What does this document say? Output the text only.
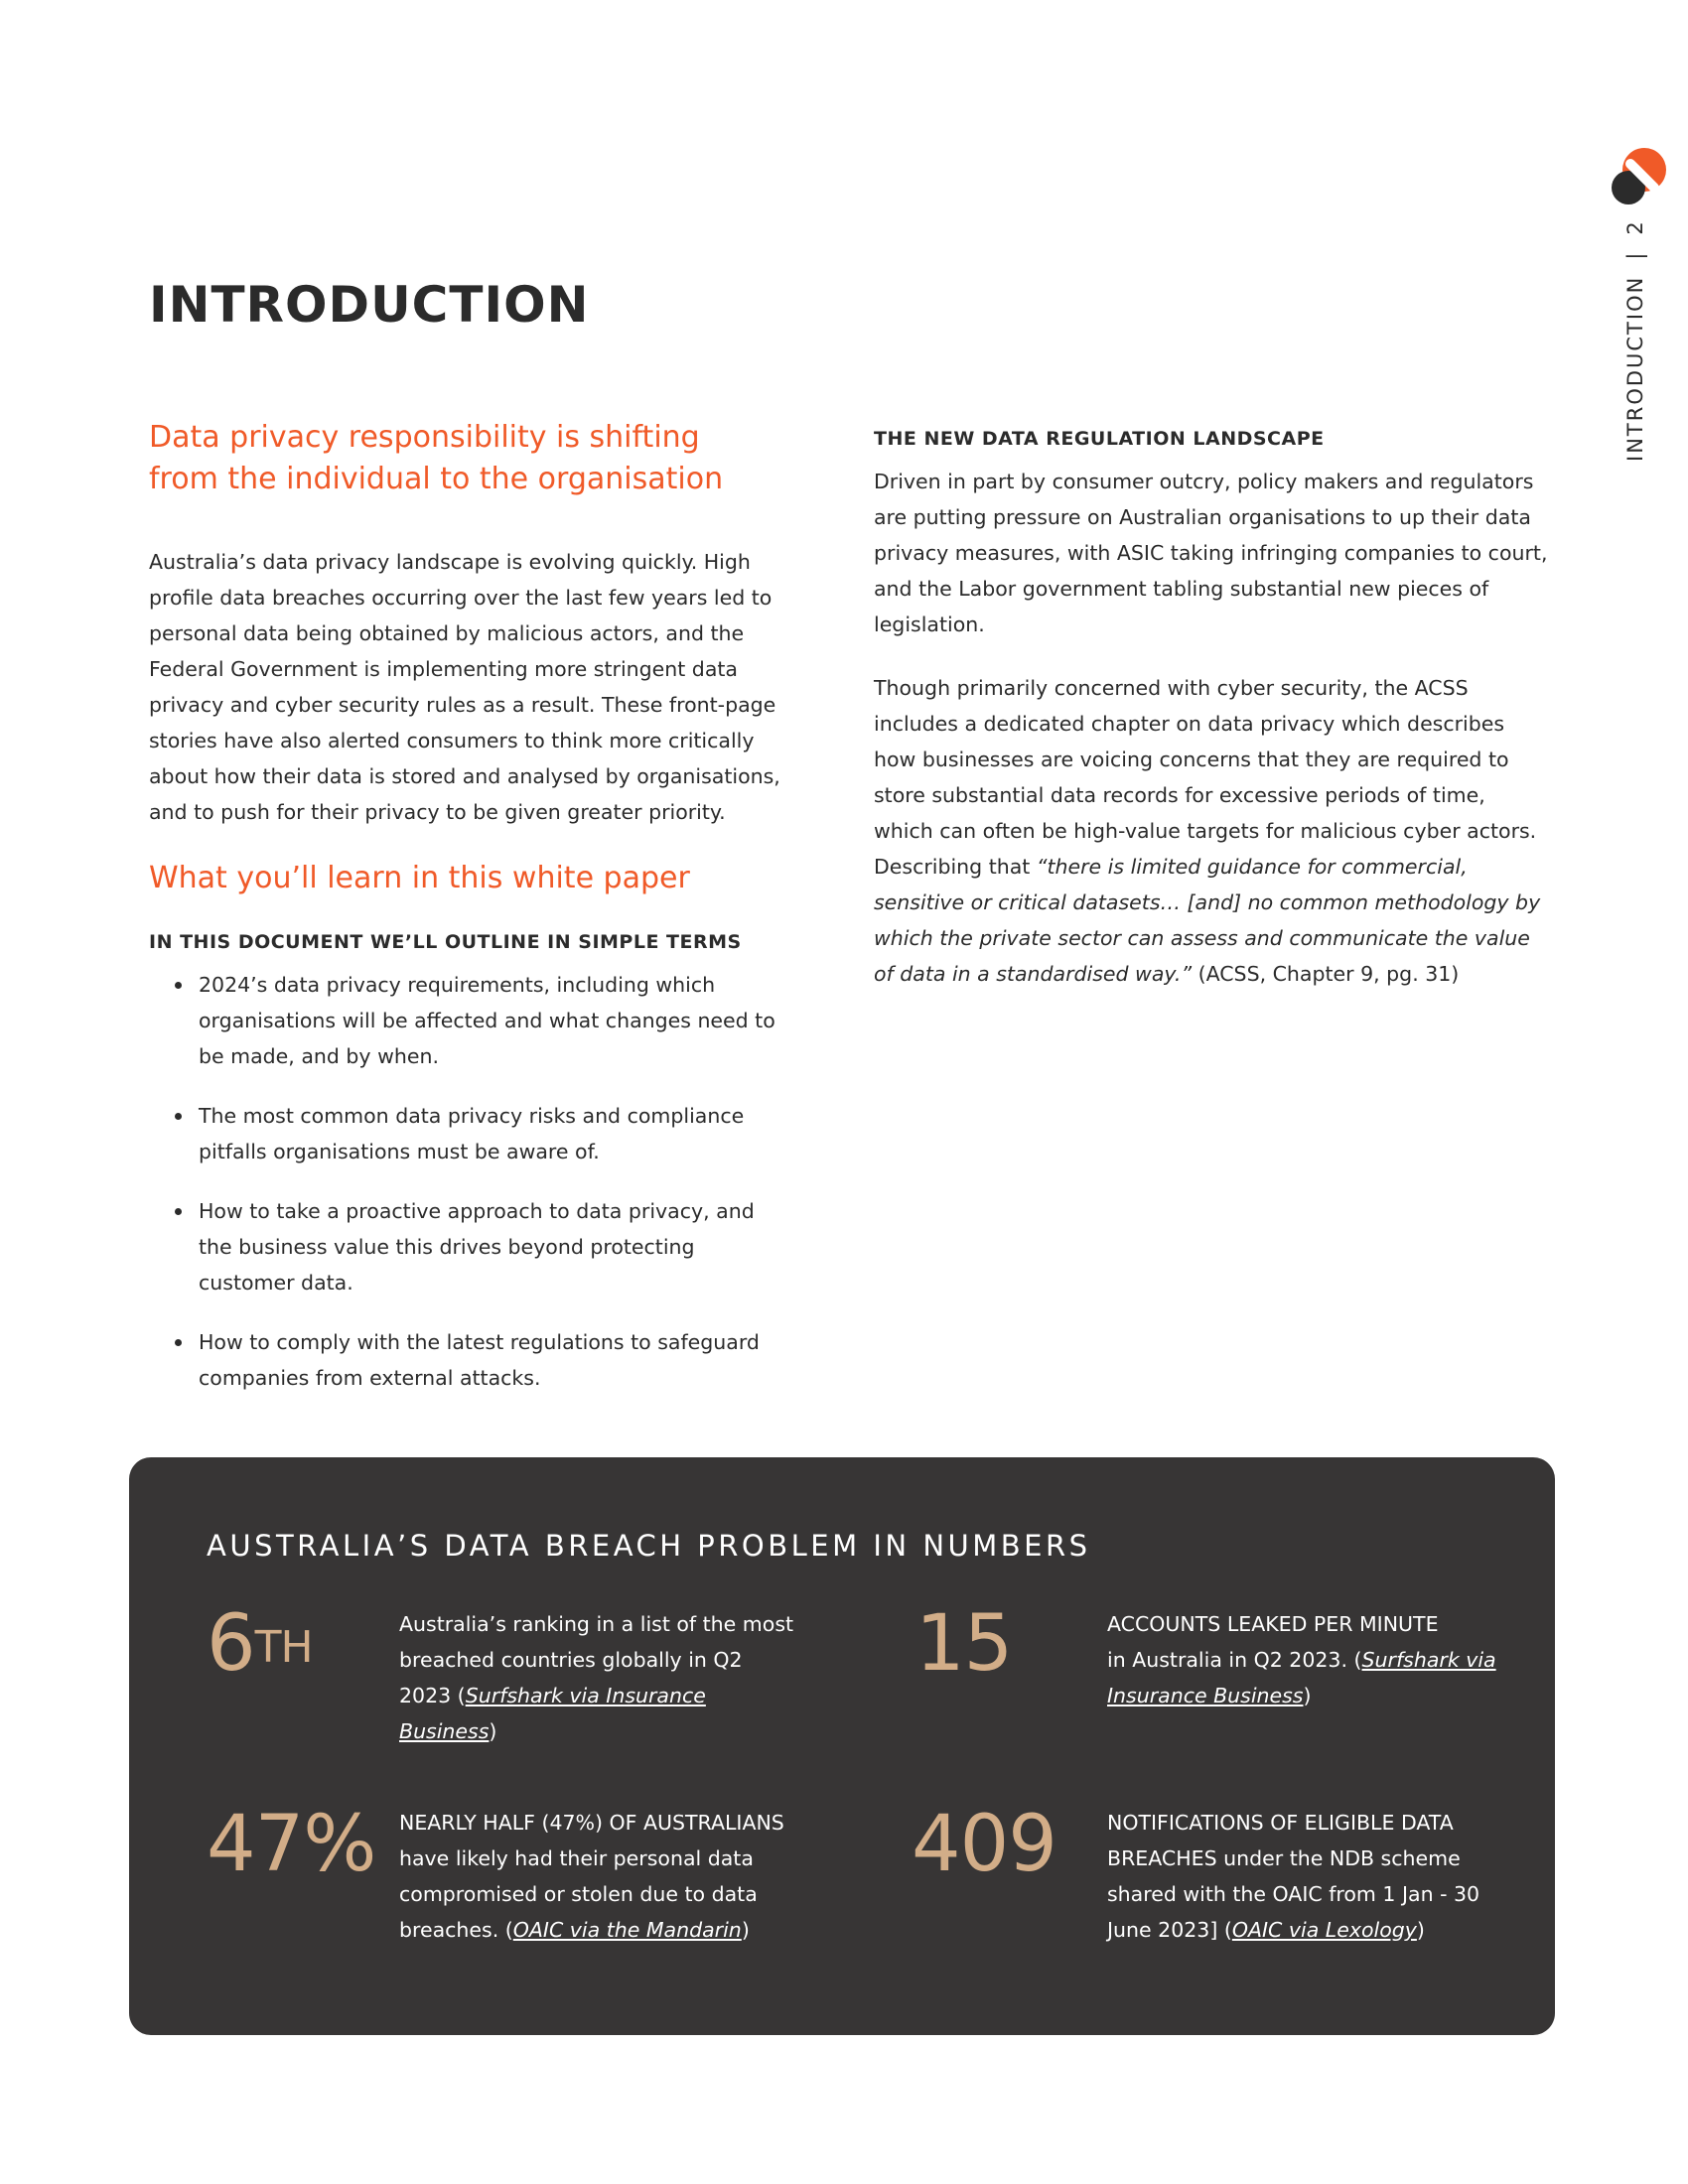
INTRODUCTION|2
INTRODUCTION
Data privacy responsibility is shifting
from the individual to the organisation

Australia’s data privacy landscape is evolving quickly. High profile data breaches occurring over the last few years led to personal data being obtained by malicious actors, and the Federal Government is implementing more stringent data privacy and cyber security rules as a result. These front-page stories have also alerted consumers to think more critically about how their data is stored and analysed by organisations, and to push for their privacy to be given greater priority.

What you’ll learn in this white paper
IN THIS DOCUMENT WE’LL OUTLINE IN SIMPLE TERMS
2024’s data privacy requirements, including which organisations will be affected and what changes need to be made, and by when.
The most common data privacy risks and compliance pitfalls organisations must be aware of.
How to take a proactive approach to data privacy, and the business value this drives beyond protecting customer data.
How to comply with the latest regulations to safeguard companies from external attacks.
THE NEW DATA REGULATION LANDSCAPE

Driven in part by consumer outcry, policy makers and regulators are putting pressure on Australian organisations to up their data privacy measures, with ASIC taking infringing companies to court, and the Labor government tabling substantial new pieces of legislation.

Though primarily concerned with cyber security, the ACSS includes a dedicated chapter on data privacy which describes how businesses are voicing concerns that they are required to store substantial data records for excessive periods of time, which can often be high-value targets for malicious cyber actors. Describing that “there is limited guidance for commercial, sensitive or critical datasets… [and] no common methodology by which the private sector can assess and communicate the value of data in a standardised way.” (ACSS, Chapter 9, pg. 31)

AUSTRALIA’S DATA BREACH PROBLEM IN NUMBERS
6TH	Australia’s ranking in a list of the most breached countries globally in Q2 2023 (Surfshark via Insurance Business)
15	ACCOUNTS LEAKED PER MINUTE
in Australia in Q2 2023. (Surfshark via Insurance Business)
47% NEARLY HALF (47%) OF AUSTRALIANS
have likely had their personal data compromised or stolen due to data breaches. (OAIC via the Mandarin)
409 NOTIFICATIONS OF ELIGIBLE DATA BREACHES under the NDB scheme shared with the OAIC from 1 Jan - 30 June 2023] (OAIC via Lexology)
